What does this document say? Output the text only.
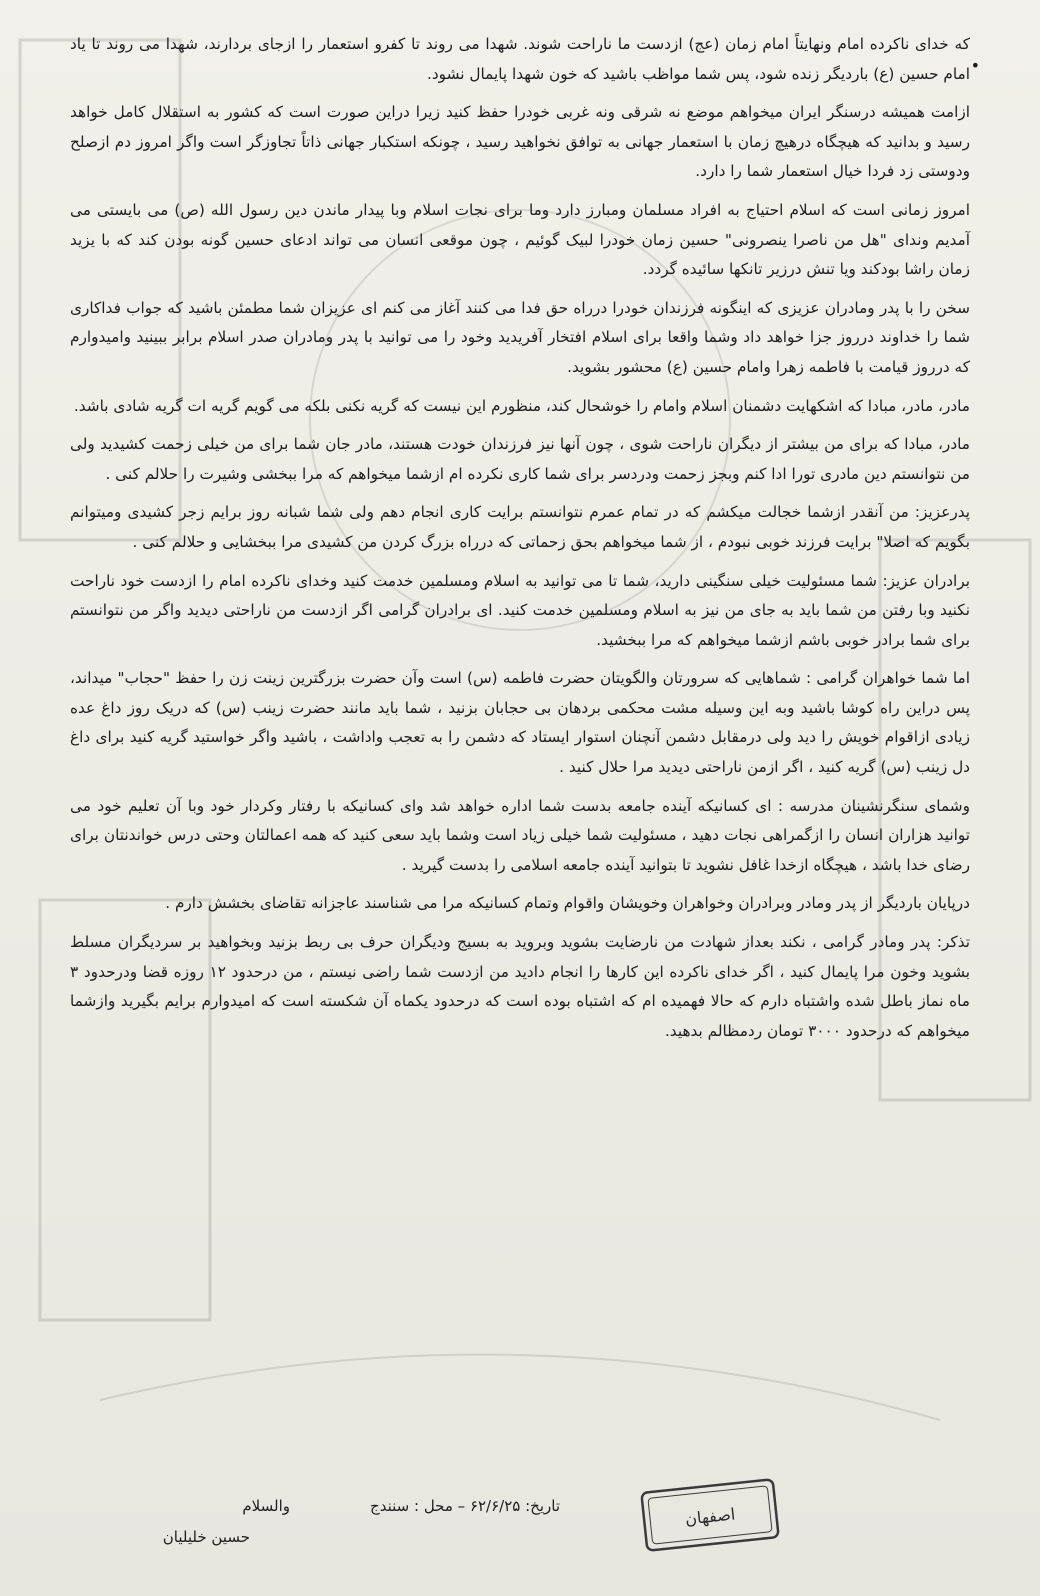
•

که خدای ناکرده امام ونهایتاً امام زمان (عج) ازدست ما ناراحت شوند. شهدا می روند تا کفرو استعمار را ازجای بردارند، شهدا می روند تا یاد امام حسین (ع) باردیگر زنده شود، پس شما مواظب باشید که خون شهدا پایمال نشود.

ازامت همیشه درسنگر ایران میخواهم موضع نه شرقی ونه غربی خودرا حفظ کنید زیرا دراین صورت است که کشور به استقلال کامل خواهد رسید و بدانید که هیچگاه درهیچ زمان با استعمار جهانی به توافق نخواهید رسید ، چونکه استکبار جهانی ذاتاً تجاوزگر است واگر امروز دم ازصلح ودوستی زد فردا خیال استعمار شما را دارد.

امروز زمانی است که اسلام احتیاج به افراد مسلمان ومبارز دارد وما برای نجات اسلام وبا پیدار ماندن دین رسول الله (ص) می بایستی می آمدیم وندای "هل من ناصرا ینصرونی" حسین زمان خودرا لبیک گوئیم ، چون موقعی انسان می تواند ادعای حسین گونه بودن کند که با یزید زمان راشا بودکند ویا تنش درزیر تانکها سائیده گردد.

سخن را با پدر ومادران عزیزی که اینگونه فرزندان خودرا درراه حق فدا می کنند آغاز می کنم ای عزیزان شما مطمئن باشید که جواب فداکاری شما را خداوند درروز جزا خواهد داد وشما واقعا برای اسلام افتخار آفریدید وخود را می توانید با پدر ومادران صدر اسلام برابر ببینید وامیدوارم که درروز قیامت با فاطمه زهرا وامام حسین (ع) محشور بشوید.

مادر، مادر، مبادا که اشکهایت دشمنان اسلام وامام را خوشحال کند، منظورم این نیست که گریه نکنی بلکه می گویم گریه ات گریه شادی باشد.

مادر، مبادا که برای من بیشتر از دیگران ناراحت شوی ، چون آنها نیز فرزندان خودت هستند، مادر جان شما برای من خیلی زحمت کشیدید ولی من نتوانستم دین مادری تورا ادا کنم وبجز زحمت ودردسر برای شما کاری نکرده ام ازشما میخواهم که مرا ببخشی وشیرت را حلالم کنی .

پدرعزیز: من آنقدر ازشما خجالت میکشم که در تمام عمرم نتوانستم برایت کاری انجام دهم ولی شما شبانه روز برایم زجر کشیدی ومیتوانم بگویم که اصلا" برایت فرزند خوبی نبودم ، از شما میخواهم بحق زحماتی که درراه بزرگ کردن من کشیدی مرا ببخشایی و حلالم کنی .

برادران عزیز: شما مسئولیت خیلی سنگینی دارید، شما تا می توانید به اسلام ومسلمین خدمت کنید وخدای ناکرده امام را ازدست خود ناراحت نکنید وبا رفتن من شما باید به جای من نیز به اسلام ومسلمین خدمت کنید. ای برادران گرامی اگر ازدست من ناراحتی دیدید واگر من نتوانستم برای شما برادر خوبی باشم ازشما میخواهم که مرا ببخشید.

اما شما خواهران گرامی : شماهایی که سرورتان والگویتان حضرت فاطمه (س) است وآن حضرت بزرگترین زینت زن را حفظ "حجاب" میداند، پس دراین راه کوشا باشید وبه این وسیله مشت محکمی بردهان بی حجابان بزنید ، شما باید مانند حضرت زینب (س) که دریک روز داغ عده زیادی ازاقوام خویش را دید ولی درمقابل دشمن آنچنان استوار ایستاد که دشمن را به تعجب واداشت ، باشید واگر خواستید گریه کنید برای داغ دل زینب (س) گریه کنید ، اگر ازمن ناراحتی دیدید مرا حلال کنید .

وشمای سنگرنشینان مدرسه : ای کسانیکه آینده جامعه بدست شما اداره خواهد شد وای کسانیکه با رفتار وکردار خود وبا آن تعلیم خود می توانید هزاران انسان را ازگمراهی نجات دهید ، مسئولیت شما خیلی زیاد است وشما باید سعی کنید که همه اعمالتان وحتی درس خواندنتان برای رضای خدا باشد ، هیچگاه ازخدا غافل نشوید تا بتوانید آینده جامعه اسلامی را بدست گیرید .

درپایان باردیگر از پدر ومادر وبرادران وخواهران وخویشان واقوام وتمام کسانیکه مرا می شناسند عاجزانه تقاضای بخشش دارم .

تذکر: پدر ومادر گرامی ، نکند بعداز شهادت من نارضایت بشوید وبروید به بسیج ودیگران حرف بی ربط بزنید وبخواهید بر سردیگران مسلط بشوید وخون مرا پایمال کنید ، اگر خدای ناکرده این کارها را انجام دادید من ازدست شما راضی نیستم ، من درحدود ۱۲ روزه قضا ودرحدود ۳ ماه نماز باطل شده واشتباه دارم که حالا فهمیده ام که اشتباه بوده است که درحدود یکماه آن شکسته است که امیدوارم برایم بگیرید وازشما میخواهم که درحدود ۳۰۰۰ تومان ردمظالم بدهید.

تاریخ: ۶۲/۶/۲۵ – محل : سنندج
والسلام
حسین خلیلیان
اصفهان
